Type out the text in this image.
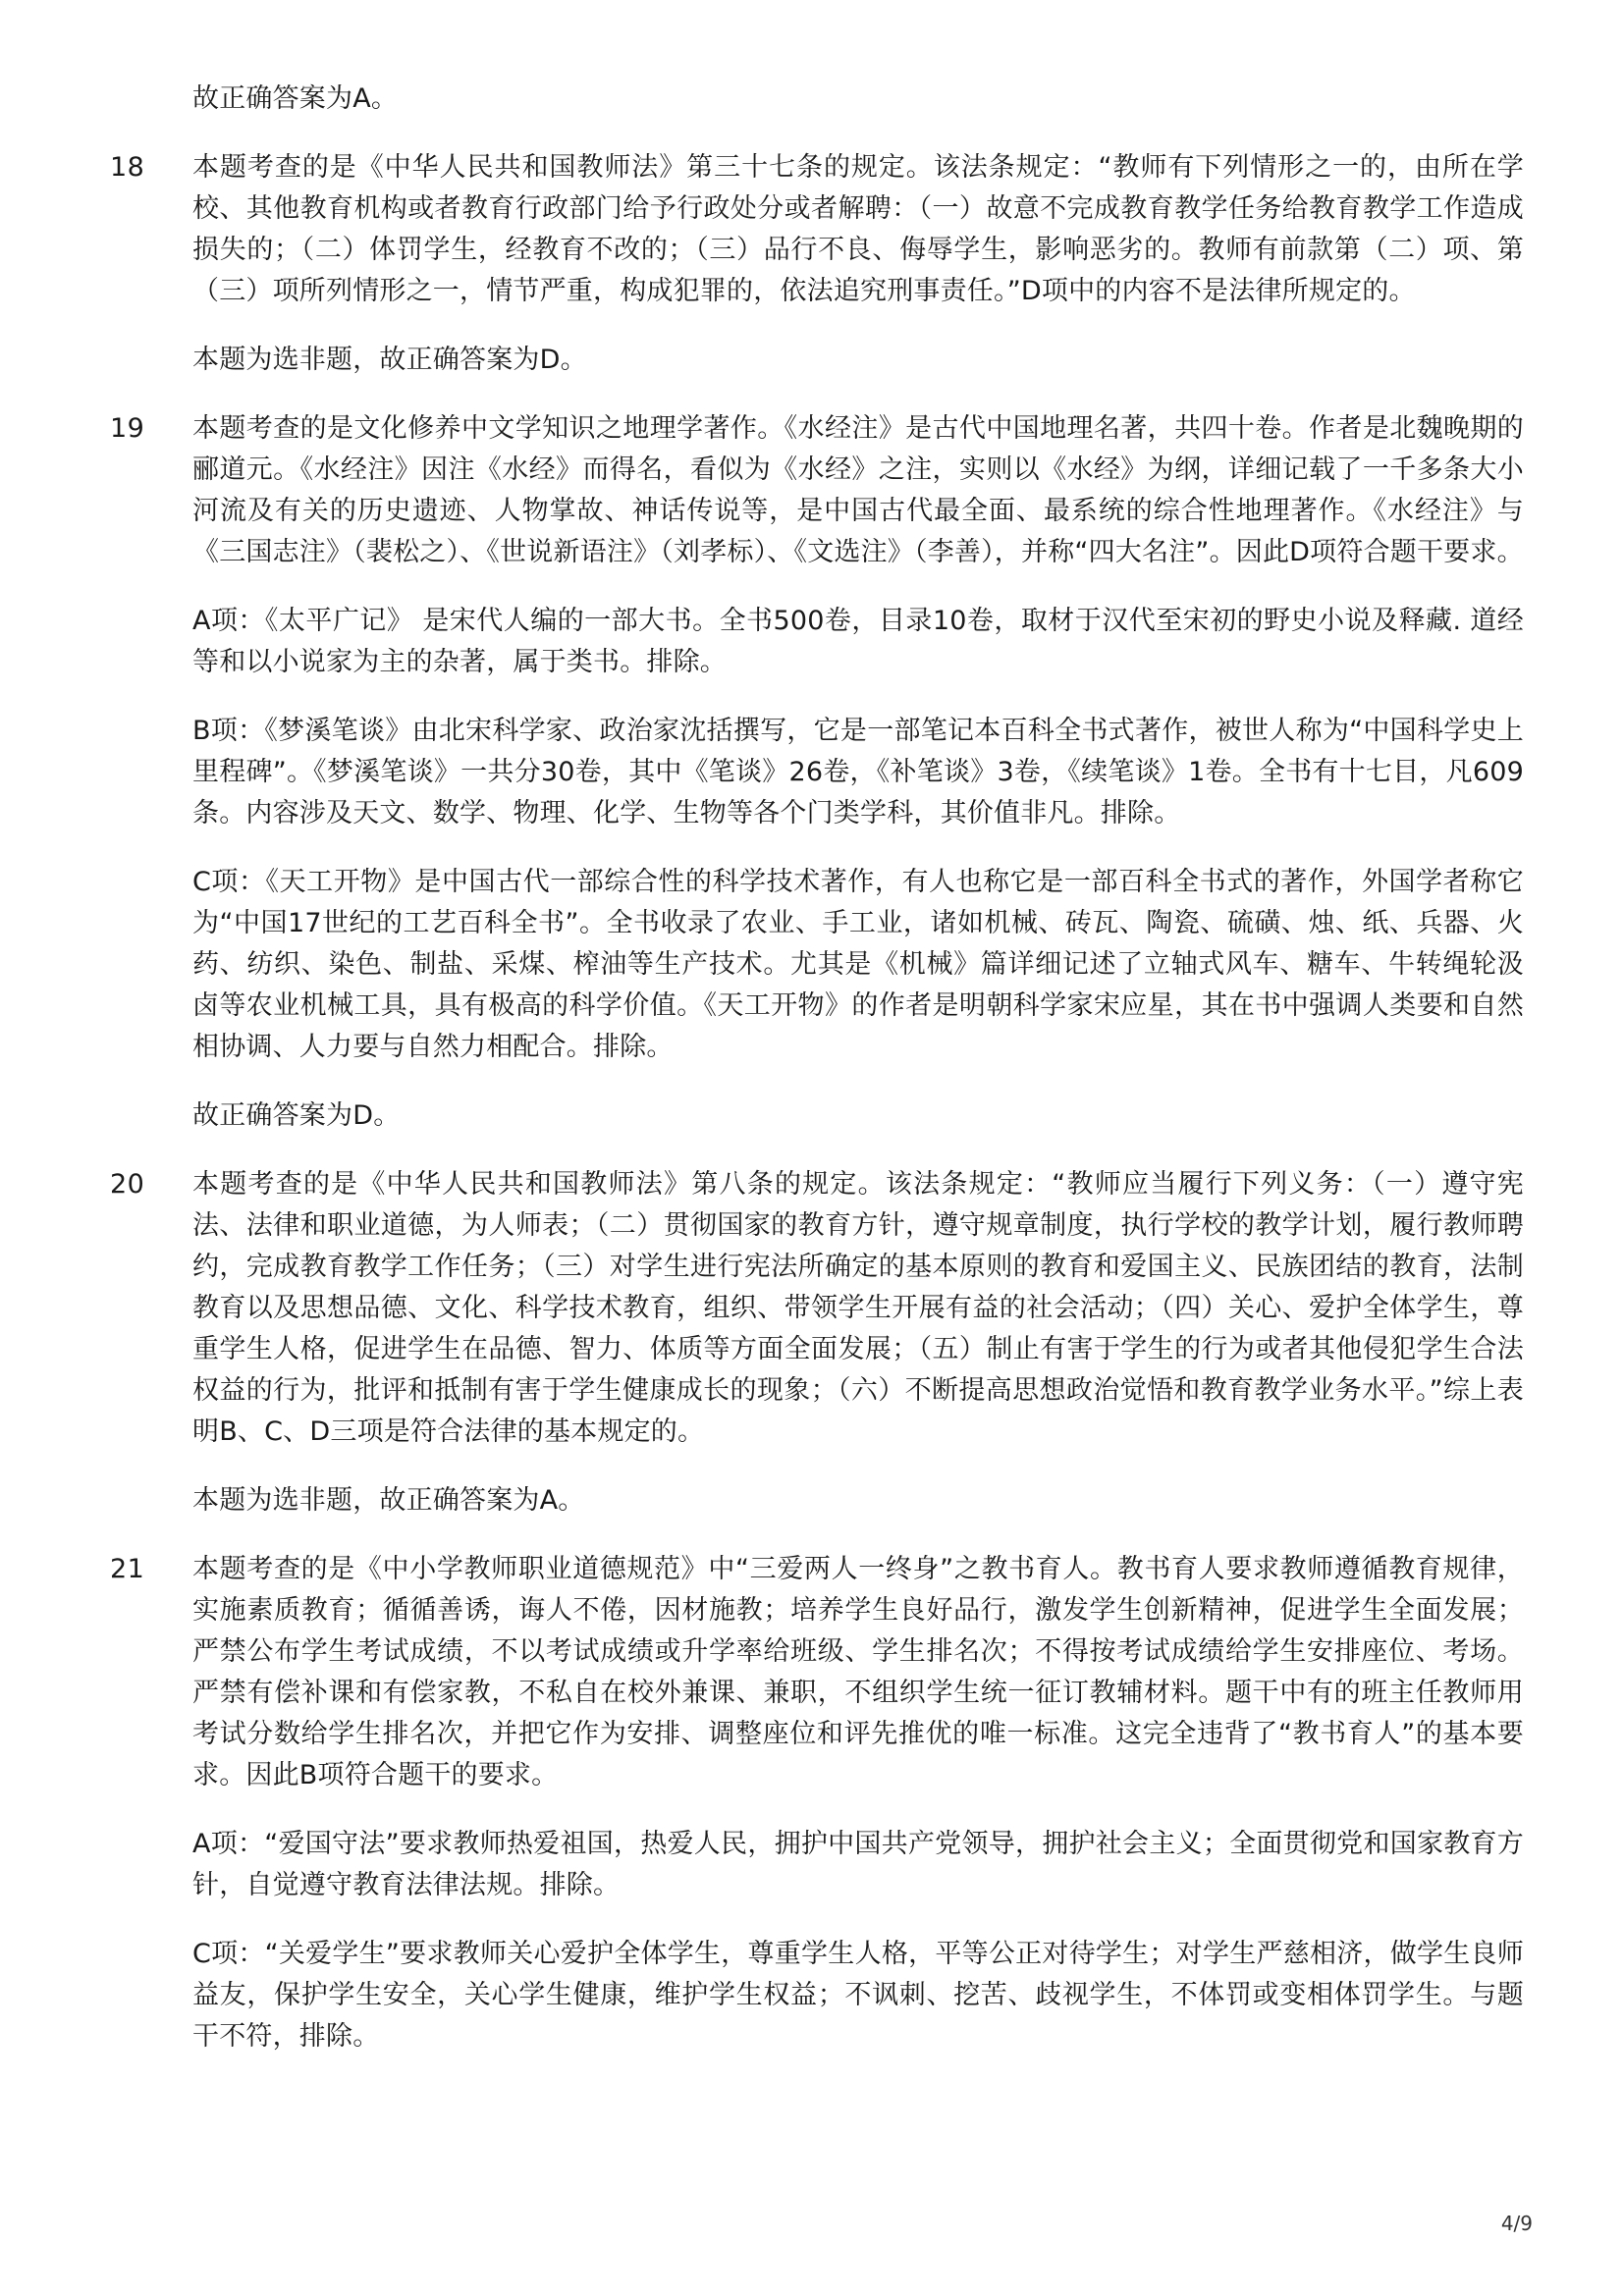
故正确答案为A。

18	本题考查的是《中华人民共和国教师法》第三十七条的规定。该法条规定：“教师有下列情形之一的，由所在学校、其他教育机构或者教育行政部门给予行政处分或者解聘：（一）故意不完成教育教学任务给教育教学工作造成损失的；（二）体罚学生，经教育不改的；（三）品行不良、侮辱学生，影响恶劣的。教师有前款第（二）项、第（三）项所列情形之一，情节严重，构成犯罪的，依法追究刑事责任。”D项中的内容不是法律所规定的。

本题为选非题，故正确答案为D。

19	本题考查的是文化修养中文学知识之地理学著作。《水经注》是古代中国地理名著，共四十卷。作者是北魏晚期的郦道元。《水经注》因注《水经》而得名，看似为《水经》之注，实则以《水经》为纲，详细记载了一千多条大小河流及有关的历史遗迹、人物掌故、神话传说等，是中国古代最全面、最系统的综合性地理著作。《水经注》与《三国志注》（裴松之）、《世说新语注》（刘孝标）、《文选注》（李善），并称“四大名注”。因此D项符合题干要求。

A项：《太平广记》 是宋代人编的一部大书。全书500卷，目录10卷，取材于汉代至宋初的野史小说及释藏. 道经等和以小说家为主的杂著，属于类书。排除。

B项：《梦溪笔谈》由北宋科学家、政治家沈括撰写，它是一部笔记本百科全书式著作，被世人称为“中国科学史上里程碑”。《梦溪笔谈》一共分30卷，其中《笔谈》26卷，《补笔谈》3卷，《续笔谈》1卷。全书有十七目，凡609条。内容涉及天文、数学、物理、化学、生物等各个门类学科，其价值非凡。排除。

C项：《天工开物》是中国古代一部综合性的科学技术著作，有人也称它是一部百科全书式的著作，外国学者称它为“中国17世纪的工艺百科全书”。全书收录了农业、手工业，诸如机械、砖瓦、陶瓷、硫磺、烛、纸、兵器、火药、纺织、染色、制盐、采煤、榨油等生产技术。尤其是《机械》篇详细记述了立轴式风车、糖车、牛转绳轮汲卤等农业机械工具，具有极高的科学价值。《天工开物》的作者是明朝科学家宋应星，其在书中强调人类要和自然相协调、人力要与自然力相配合。排除。

故正确答案为D。

20	本题考查的是《中华人民共和国教师法》第八条的规定。该法条规定：“教师应当履行下列义务：（一）遵守宪法、法律和职业道德，为人师表；（二）贯彻国家的教育方针，遵守规章制度，执行学校的教学计划，履行教师聘约，完成教育教学工作任务；（三）对学生进行宪法所确定的基本原则的教育和爱国主义、民族团结的教育，法制教育以及思想品德、文化、科学技术教育，组织、带领学生开展有益的社会活动；（四）关心、爱护全体学生，尊重学生人格，促进学生在品德、智力、体质等方面全面发展；（五）制止有害于学生的行为或者其他侵犯学生合法权益的行为，批评和抵制有害于学生健康成长的现象；（六）不断提高思想政治觉悟和教育教学业务水平。”综上表明B、C、D三项是符合法律的基本规定的。

本题为选非题，故正确答案为A。

21	本题考查的是《中小学教师职业道德规范》中“三爱两人一终身”之教书育人。教书育人要求教师遵循教育规律，实施素质教育；循循善诱，诲人不倦，因材施教；培养学生良好品行，激发学生创新精神，促进学生全面发展；严禁公布学生考试成绩，不以考试成绩或升学率给班级、学生排名次；不得按考试成绩给学生安排座位、考场。严禁有偿补课和有偿家教，不私自在校外兼课、兼职，不组织学生统一征订教辅材料。题干中有的班主任教师用考试分数给学生排名次，并把它作为安排、调整座位和评先推优的唯一标准。这完全违背了“教书育人”的基本要求。因此B项符合题干的要求。

A项：“爱国守法”要求教师热爱祖国，热爱人民，拥护中国共产党领导，拥护社会主义；全面贯彻党和国家教育方针，自觉遵守教育法律法规。排除。

C项：“关爱学生”要求教师关心爱护全体学生，尊重学生人格，平等公正对待学生；对学生严慈相济，做学生良师益友，保护学生安全，关心学生健康，维护学生权益；不讽刺、挖苦、歧视学生，不体罚或变相体罚学生。与题干不符，排除。

4/9
